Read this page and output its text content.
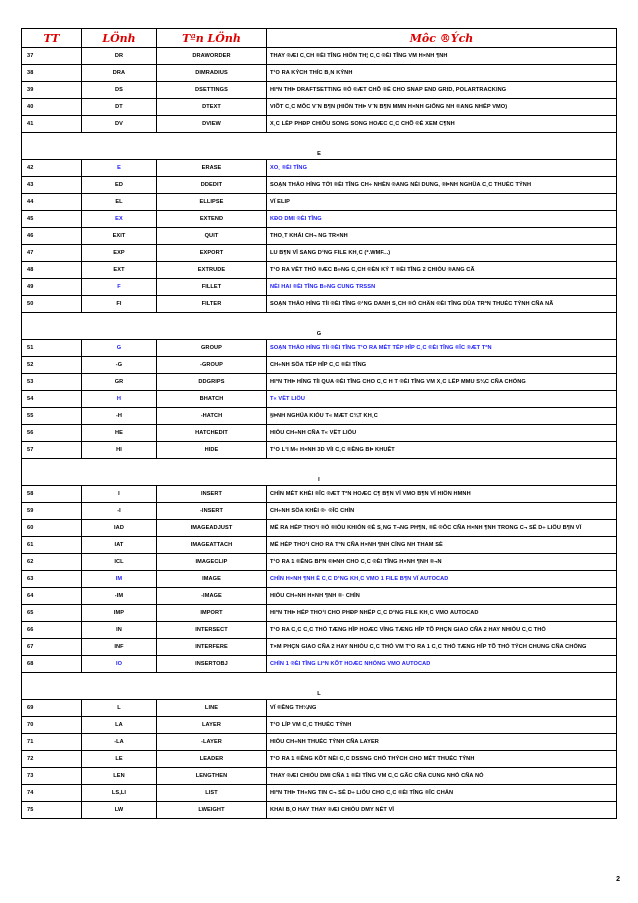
TT	LÖnh	Tªn LÖnh	Môc ®Ých
37	DR	DRAWORDER	THAY ®ÆI C¸CH ®ÈI TÎNG HIÖN TH¦ C¸C ®ÈI TÎNG VΜ H×NH ¶NH
38	DRA	DIMRADIUS	T¹O RA KÝCH THÍC B¸N KÝNH
39	DS	DSETTINGS	HIªN THÞ DRAFTSETTING ®Ó ®ÆT CHÕ ®É CHO SNAP END GRID, POLARTRACKING
40	DT	DTEXT	VIÕT C¸C MÔC V¨N B¶N (HIÖN THÞ V¨N B¶N MΜN H×NH GIỐNG NH ®ANG NHËP VΜO)
41	DV	DVIEW	X¸C LËP PHÐP CHIÕU SONG SONG HOÆC C¸C CHÕ ®É XEM C¶NH
E			
42	E	ERASE	XO¸ ®ÈI TÎNG
43	ED	DDEDIT	SOẠN THẢO HÍNG TỚI ®ÈI TÎNG CH÷ NHÈN ®ANG NÉI DUNG, ®ÞNH NGHÜA C¸C THUÉC TÝNH
44	EL	ELLIPSE	VÏ ELIP
45	EX	EXTEND	KÐO DΜI ®ÈI TÎNG
46	EXIT	QUIT	THO¸T KHÁI CH¬ NG TR×NH
47	EXP	EXPORT	LU B¶N VÏ SANG D¹NG FILE KH¸C (*.WMF...)
48	EXT	EXTRUDE	T¹O RA VËT THÓ ®ÆC B»NG C¸CH ®ÈN KÝ T ®ÈI TÎNG 2 CHIÒU ®ANG CÃ
49	F	FILLET	NÈI HAI ®ÈI TÎNG B»NG CUNG TRSSN
50	FI	FILTER	SOẠN THẢO HÍNG TÍI ®ÈI TÎNG ®¹NG DANH S¸CH ®Ó CHÄN ®ÈI TÎNG DÙA TRªN THUÉC TÝNH CÑA NÃ
G			
51	G	GROUP	SOẠN THẢO HÍNG TÍI ®ÈI TÎNG T¹O RA MÉT TËP HÎP C¸C ®ÈI TÎNG ®ÎC ®ÆT TªN
52	-G	-GROUP	CH÷NH SÖA TËP HÎP C¸C ®ÈI TÎNG
53	GR	DDGRIPS	HIªN THÞ HÍNG TÍI QUA ®ÈI TÎNG CHO C¸C H T ®ÈI TÎNG VΜ X¸C LËP MΜU S¾C CÑA CHÓNG
54	H	BHATCH	T« VËT LIÖU
55	-H	-HATCH	§ÞNH NGHÜA KIÓU T« MÆT C¾T KH¸C
56	HE	HATCHEDIT	HIÖU CH÷NH CÑA T« VËT LIÖU
57	HI	HIDE	T¹O L¹I M« H×NH 3D VÍI C¸C ®ÊNG BÞ KHUÊT
I			
58	I	INSERT	CHÌN MÉT KHÈI ®ÎC ®ÆT TªN HOÆC C¶ B¶N VÏ VΜO B¶N VÏ HIÖN HΜNH
59	-I	-INSERT	CH÷NH SÖA KHÈI ®· ®ÎC CHÌN
60	IAD	IMAGEADJUST	MË RA HÉP THO¹I ®Ó ®IÒU KHIÓN ®É S¸NG T¬NG PH¶N, ®É ®ÔC CÑA H×NH ¶NH TRONG C¬ SË D÷ LIÖU B¶N VÏ
61	IAT	IMAGEATTACH	MË HÉP THO¹I CHO RA TªN CÑA H×NH ¶NH CÏNG NH THAM SÈ
62	ICL	IMAGECLIP	T¹O RA 1 ®ÊNG BIªN ®ÞNH CHO C¸C ®ÈI TÎNG H×NH ¶NH ®¬N
63	IM	IMAGE	CHÌN H×NH ¶NH Ë C¸C D¹NG KH¸C VΜO 1 FILE B¶N VÏ AUTOCAD
64	-IM	-IMAGE	HIÖU CH÷NH H×NH ¶NH ®· CHÌN
65	IMP	IMPORT	HIªN THÞ HÉP THO¹I CHO PHÐP NHËP C¸C D¹NG FILE KH¸C VΜO AUTOCAD
66	IN	INTERSECT	T¹O RA C¸C C¸C THÓ TÆNG HÎP HOÆC VÏNG TÆNG HÎP TÕ PHÇN GIAO CÑA 2 HAY NHIÒU C¸C THÓ
67	INF	INTERFERE	T×M PHÇN GIAO CÑA 2 HAY NHIÒU C¸C THÓ VΜ T¹O RA 1 C¸C THÓ TÆNG HÎP TÕ THÓ TÝCH CHUNG CÑA CHÓNG
68	IO	INSERTOBJ	CHÌN 1 ®ÈI TÎNG LIªN KÕT HOÆC NHÓNG VΜO AUTOCAD
L			
69	L	LINE	VÏ ®ÊNG TH¼NG
70	LA	LAYER	T¹O LÍP VΜ C¸C THUÉC TÝNH
71	-LA	-LAYER	HIÖU CH÷NH THUÉC TÝNH CÑA LAYER
72	LE	LEADER	T¹O RA 1 ®ÊNG KÕT NÈI C¸C DSSNG CHÓ THÝCH CHO MÉT THUÉC TÝNH
73	LEN	LENGTHEN	THAY ®ÆI CHIÒU DΜI CÑA 1 ®ÈI TÎNG VΜ C¸C GÃC CÑA CUNG NHỎ CÑA NÓ
74	LS,LI	LIST	HIªN THÞ TH«NG TIN C¬ SË D÷ LIÖU CHO C¸C ®ÈI TÎNG ®ÎC CHÄN
75	LW	LWEIGHT	KHAI B¸O HAY THAY ®ÆI CHIÒU DΜY NÉT VÏ
2
